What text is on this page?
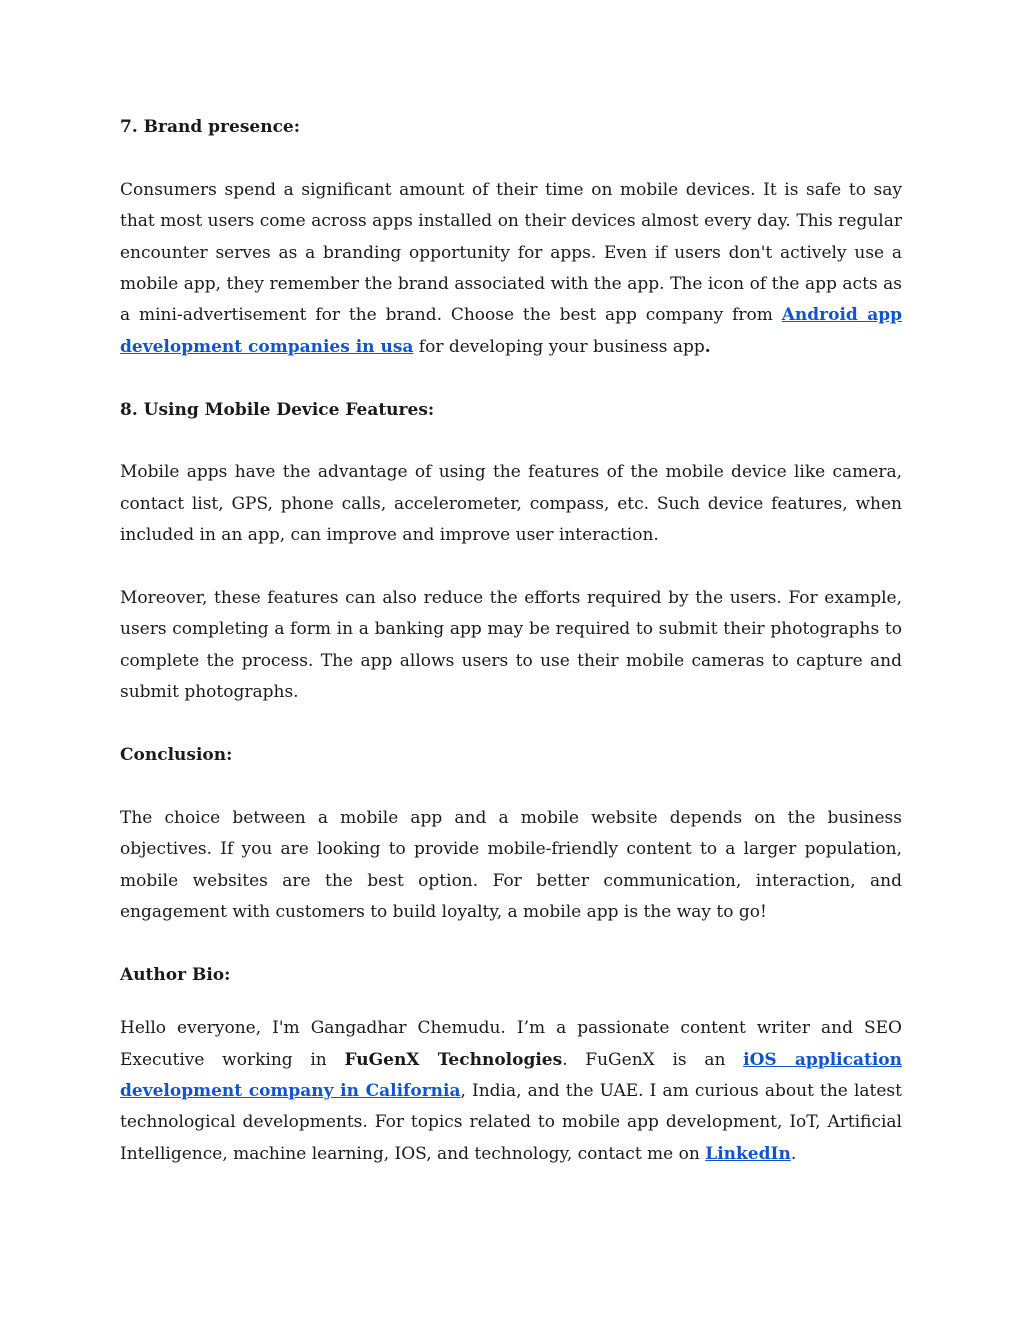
7. Brand presence:

Consumers spend a significant amount of their time on mobile devices. It is safe to say that most users come across apps installed on their devices almost every day. This regular encounter serves as a branding opportunity for apps. Even if users don't actively use a mobile app, they remember the brand associated with the app. The icon of the app acts as a mini-advertisement for the brand. Choose the best app company from Android app development companies in usa for developing your business app.

8. Using Mobile Device Features:

Mobile apps have the advantage of using the features of the mobile device like camera, contact list, GPS, phone calls, accelerometer, compass, etc. Such device features, when included in an app, can improve and improve user interaction.

Moreover, these features can also reduce the efforts required by the users. For example, users completing a form in a banking app may be required to submit their photographs to complete the process. The app allows users to use their mobile cameras to capture and submit photographs.

Conclusion:

The choice between a mobile app and a mobile website depends on the business objectives. If you are looking to provide mobile-friendly content to a larger population, mobile websites are the best option. For better communication, interaction, and engagement with customers to build loyalty, a mobile app is the way to go!

Author Bio:

Hello everyone, I'm Gangadhar Chemudu. I’m a passionate content writer and SEO Executive working in FuGenX Technologies. FuGenX is an iOS application development company in California, India, and the UAE. I am curious about the latest technological developments. For topics related to mobile app development, IoT, Artificial Intelligence, machine learning, IOS, and technology, contact me on LinkedIn.
